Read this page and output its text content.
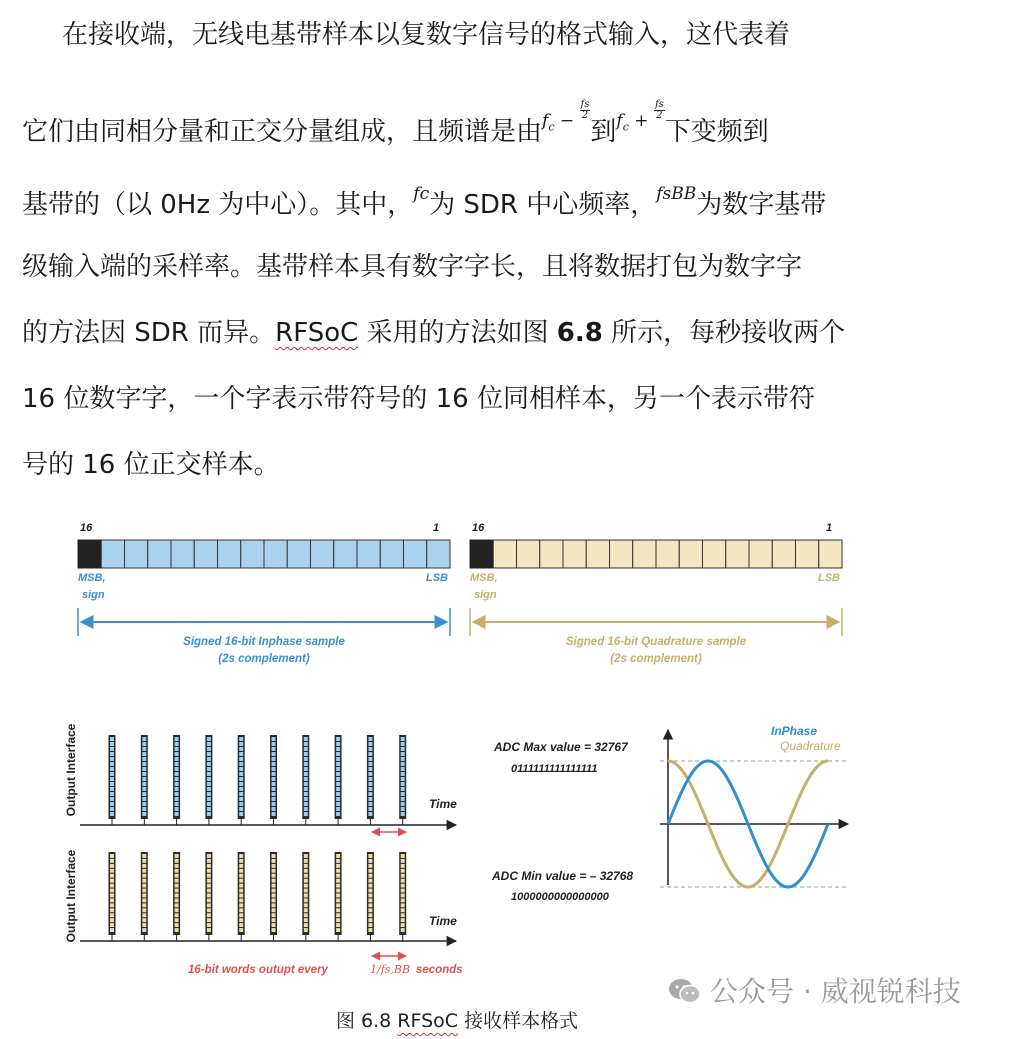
在接收端，无线电基带样本以复数字信号的格式输入，这代表着
它们由同相分量和正交分量组成，且频谱是由$^{f_c - \frac{fs}{2}}$
到$^{f_c + \frac{fs}{2}}$
下变频到
基带的（以 0Hz 为中心）。其中，$^{fc}$为 SDR 中心频率，$^{fsBB}$为数字基带
级输入端的采样率。基带样本具有数字字长，且将数据打包为数字字
的方法因 SDR 而异。RFSoC 采用的方法如图 6.8 所示，每秒接收两个
16 位数字字，一个字表示带符号的 16 位同相样本，另一个表示带符
号的 16 位正交样本。
16	1
MSB,
sign
LSB
Signed 16-bit Inphase sample
(2s complement)
16	1
MSB,
sign
LSB
Signed 16-bit Quadrature sample
(2s complement)
Output Interface
Output Interface
Time
Time
16-bit words outupt every	1/fs,BB seconds
ADC Max value = 32767
0111111111111111
ADC Min value = – 32768
1000000000000000
InPhase
Quadrature
公众号 · 威视锐科技
图 6.8 RFSoC 接收样本格式
